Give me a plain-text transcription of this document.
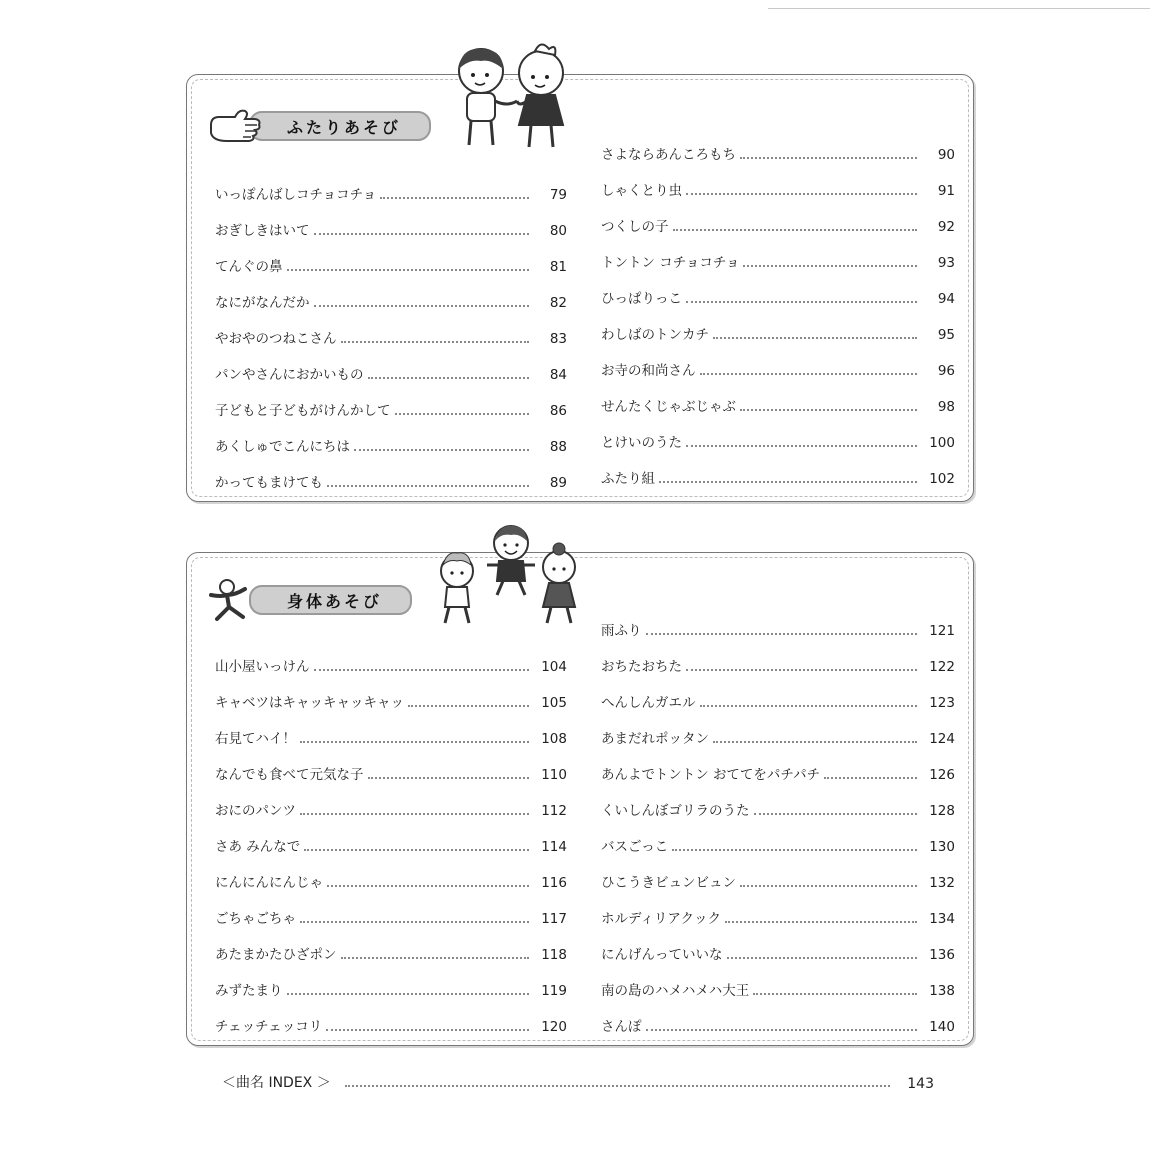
ふたりあそび
いっぽんばしコチョコチョ	79
おぎしきはいて	80
てんぐの鼻	81
なにがなんだか	82
やおやのつねこさん	83
パンやさんにおかいもの	84
子どもと子どもがけんかして	86
あくしゅでこんにちは	88
かってもまけても	89
さよならあんころもち	90
しゃくとり虫	91
つくしの子	92
トントン コチョコチョ	93
ひっぱりっこ	94
わしばのトンカチ	95
お寺の和尚さん	96
せんたくじゃぶじゃぶ	98
とけいのうた	100
ふたり組	102
身体あそび
山小屋いっけん	104
キャベツはキャッキャッキャッ	105
右見てハイ！	108
なんでも食べて元気な子	110
おにのパンツ	112
さあ みんなで	114
にんにんにんじゃ	116
ごちゃごちゃ	117
あたまかたひざポン	118
みずたまり	119
チェッチェッコリ	120
雨ふり	121
おちたおちた	122
へんしんガエル	123
あまだれポッタン	124
あんよでトントン おててをパチパチ	126
くいしんぼゴリラのうた	128
バスごっこ	130
ひこうきビュンビュン	132
ホルディリアクック	134
にんげんっていいな	136
南の島のハメハメハ大王	138
さんぽ	140
＜曲名 INDEX ＞	143
